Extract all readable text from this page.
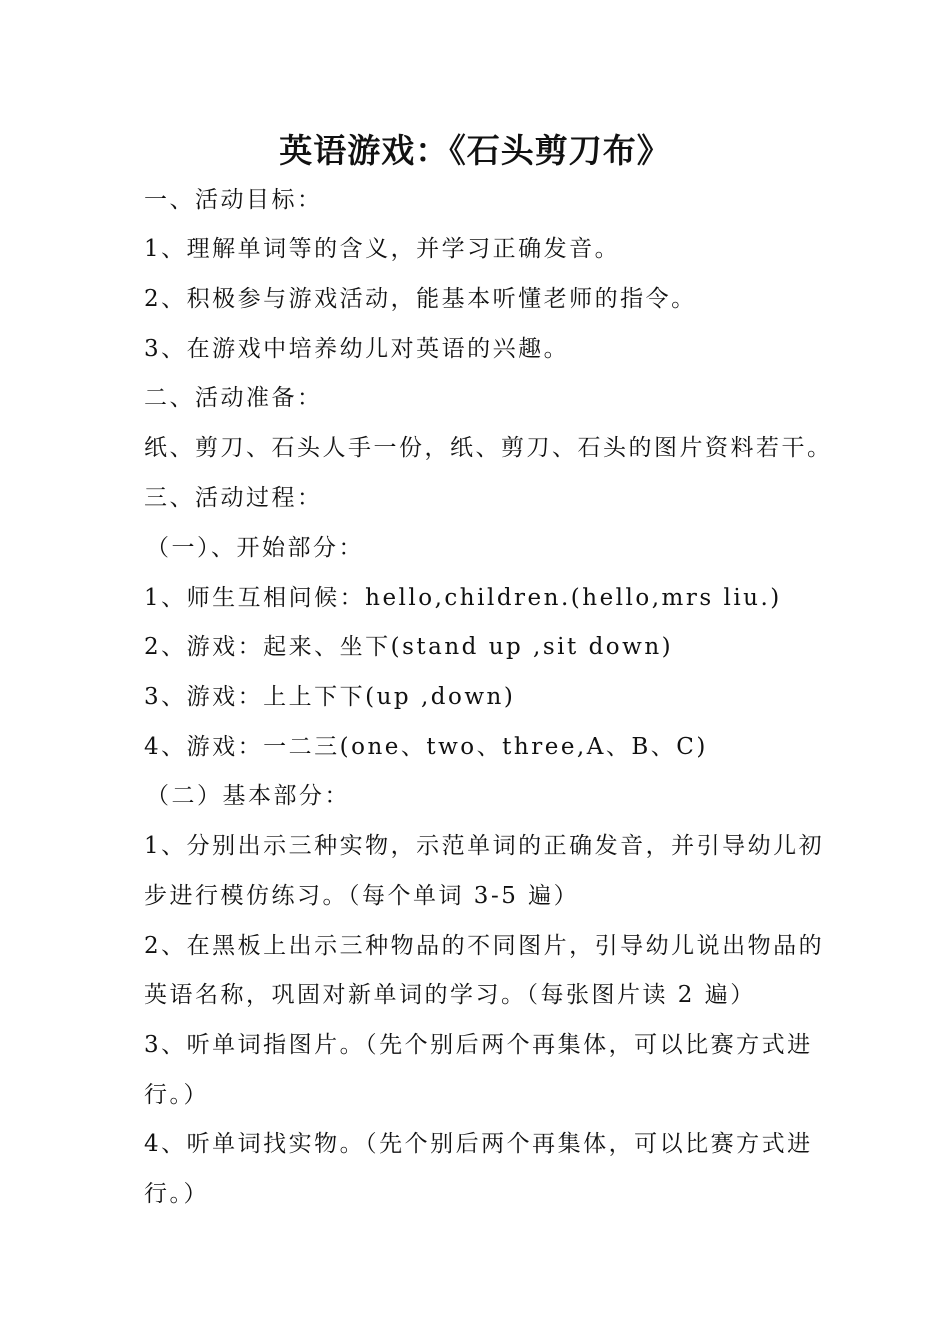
英语游戏：《石头剪刀布》
一、活动目标：
1、理解单词等的含义，并学习正确发音。
2、积极参与游戏活动，能基本听懂老师的指令。
3、在游戏中培养幼儿对英语的兴趣。
二、活动准备：
纸、剪刀、石头人手一份，纸、剪刀、石头的图片资料若干。
三、活动过程：
（一）、开始部分：
1、师生互相问候：hello,children.(hello,mrs liu.)
2、游戏：起来、坐下(stand up ,sit down)
3、游戏：上上下下(up ,down)
4、游戏：一二三(one、two、three,A、B、C)
（二）基本部分：
1、分别出示三种实物，示范单词的正确发音，并引导幼儿初
步进行模仿练习。（每个单词 3-5 遍）
2、在黑板上出示三种物品的不同图片，引导幼儿说出物品的
英语名称，巩固对新单词的学习。（每张图片读 2 遍）
3、听单词指图片。（先个别后两个再集体，可以比赛方式进
行。）
4、听单词找实物。（先个别后两个再集体，可以比赛方式进
行。）
